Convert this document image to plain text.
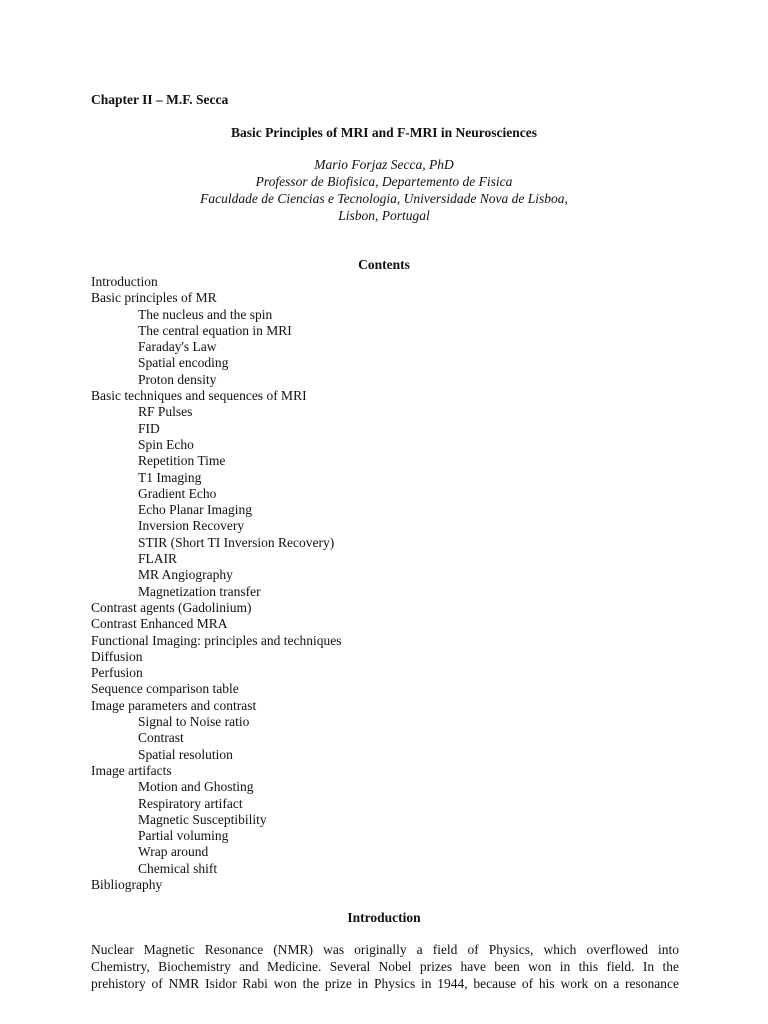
Chapter II – M.F. Secca
Basic Principles of MRI and F-MRI in Neurosciences
Mario Forjaz Secca, PhD
Professor de Biofisica, Departemento de Fisica
Faculdade de Ciencias e Tecnologia, Universidade Nova de Lisboa,
Lisbon, Portugal
Contents
Introduction
Basic principles of MR
The nucleus and the spin
The central equation in MRI
Faraday's Law
Spatial encoding
Proton density
Basic techniques and sequences of MRI
RF Pulses
FID
Spin Echo
Repetition Time
T1 Imaging
Gradient Echo
Echo Planar Imaging
Inversion Recovery
STIR (Short TI Inversion Recovery)
FLAIR
MR Angiography
Magnetization transfer
Contrast agents (Gadolinium)
Contrast Enhanced MRA
Functional Imaging: principles and techniques
Diffusion
Perfusion
Sequence comparison table
Image parameters and contrast
Signal to Noise ratio
Contrast
Spatial resolution
Image artifacts
Motion and Ghosting
Respiratory artifact
Magnetic Susceptibility
Partial voluming
Wrap around
Chemical shift
Bibliography
Introduction
Nuclear Magnetic Resonance (NMR) was originally a field of Physics, which overflowed into
Chemistry, Biochemistry and Medicine. Several Nobel prizes have been won in this field. In the
prehistory of NMR Isidor Rabi won the prize in Physics in 1944, because of his work on a resonance
